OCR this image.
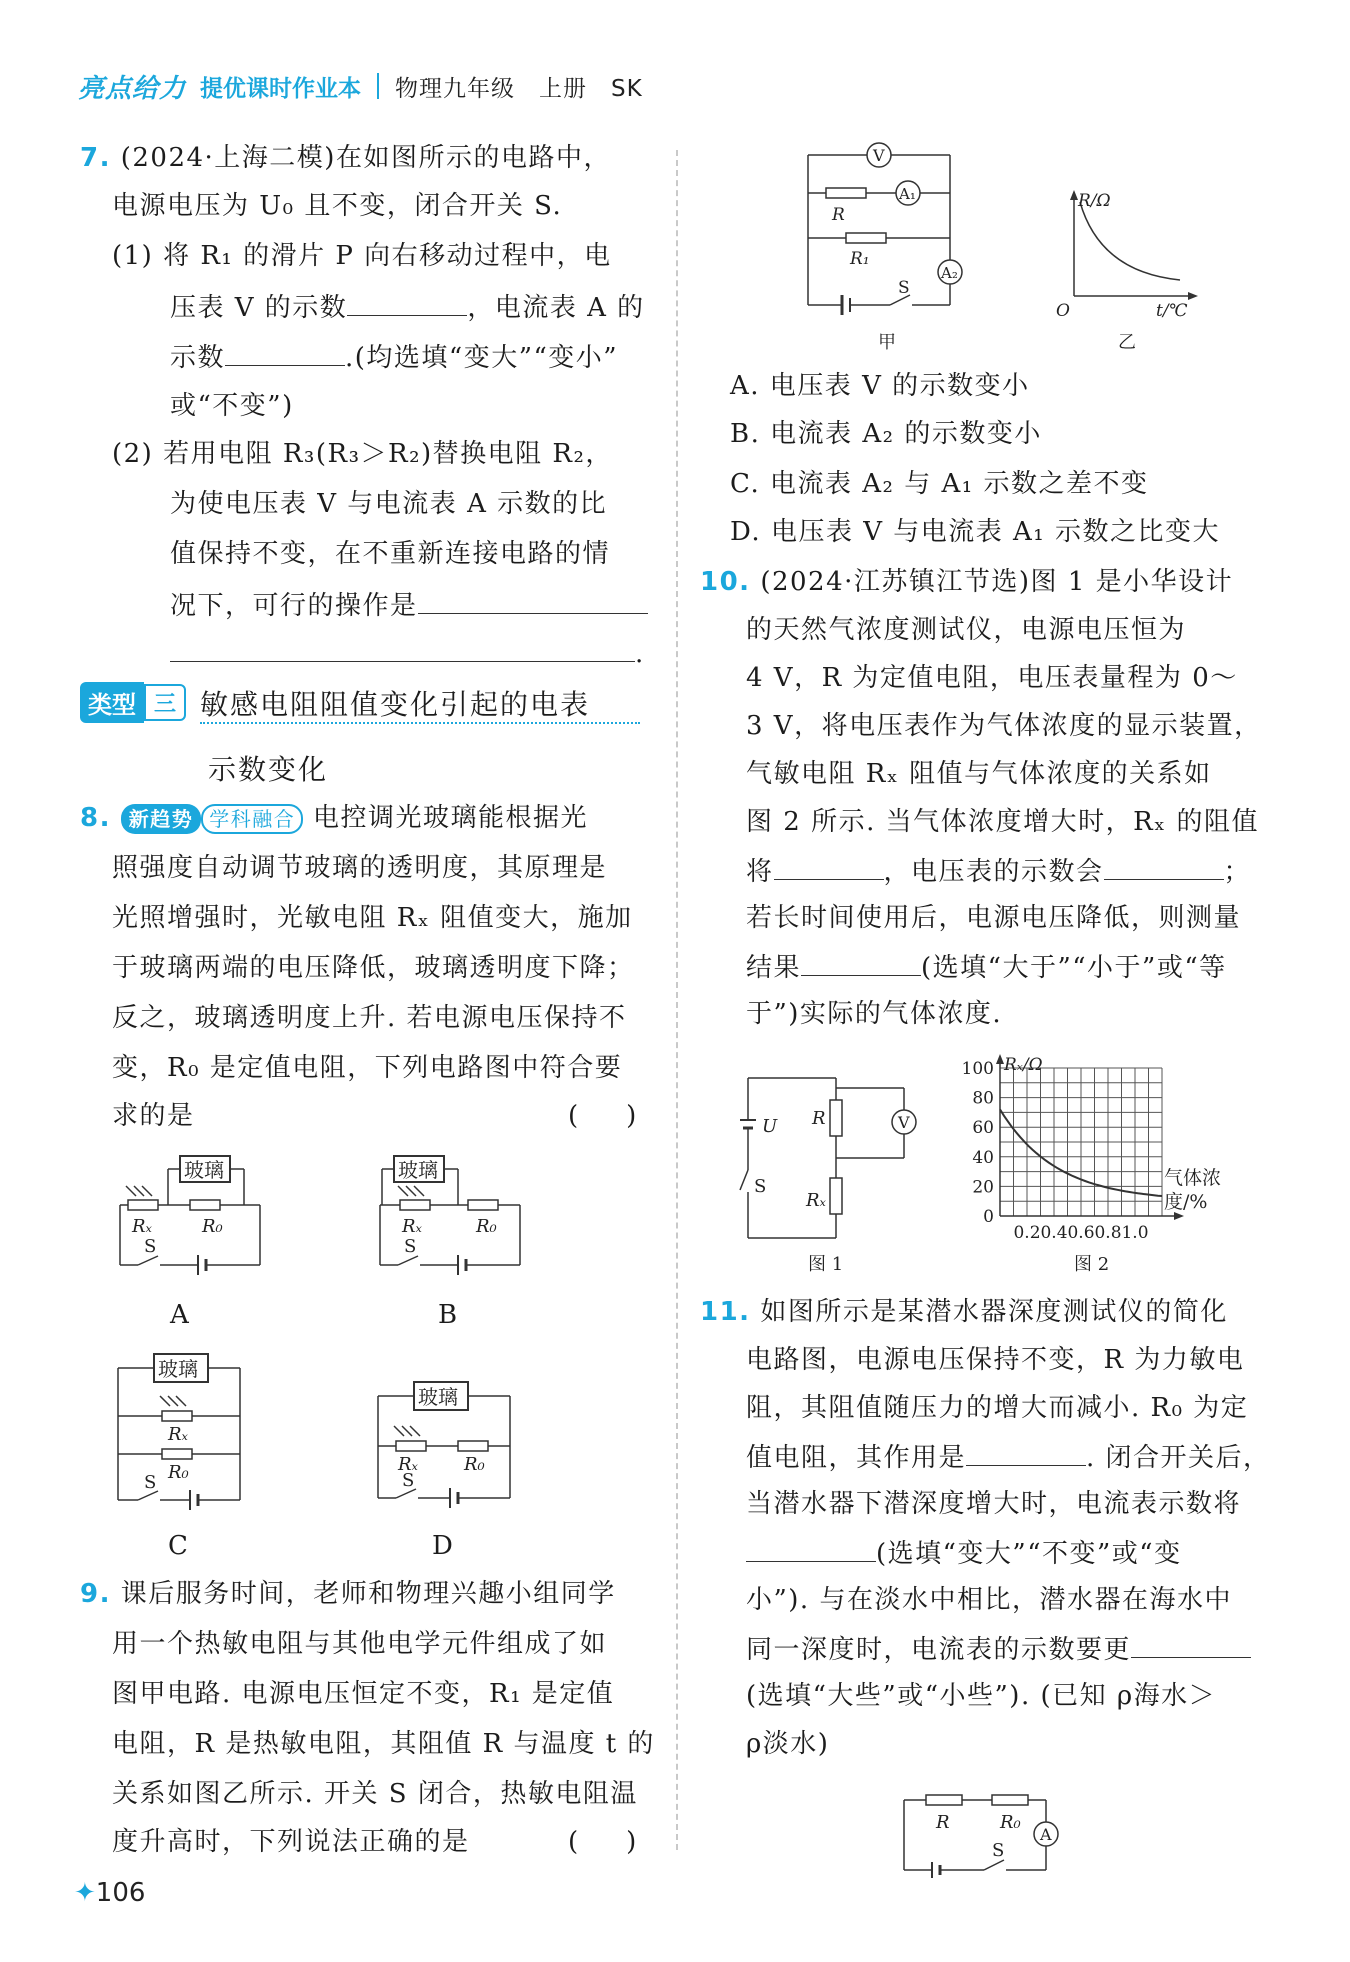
亮点给力 提优课时作业本 物理九年级　上册　SK
7. (2024·上海二模)在如图所示的电路中，
电源电压为 U₀ 且不变，闭合开关 S.
(1) 将 R₁ 的滑片 P 向右移动过程中，电
压表 V 的示数	，电流表 A 的
示数	.(均选填“变大”“变小”
或“不变”)
(2) 若用电阻 R₃(R₃＞R₂)替换电阻 R₂，
为使电压表 V 与电流表 A 示数的比
值保持不变，在不重新连接电路的情
况下，可行的操作是
.
类型 三 敏感电阻阻值变化引起的电表
示数变化
8. 新趋势 学科融合 电控调光玻璃能根据光
照强度自动调节玻璃的透明度，其原理是
光照增强时，光敏电阻 Rₓ 阻值变大，施加
于玻璃两端的电压降低，玻璃透明度下降；
反之，玻璃透明度上升. 若电源电压保持不
变，R₀ 是定值电阻，下列电路图中符合要
求的是	()
玻璃
Rₓ	R₀
S
A
玻璃
Rₓ	R₀
S
B
玻璃
Rₓ
R₀
S
C
玻璃
Rₓ	R₀
S
D
9. 课后服务时间，老师和物理兴趣小组同学
用一个热敏电阻与其他电学元件组成了如
图甲电路. 电源电压恒定不变，R₁ 是定值
电阻，R 是热敏电阻，其阻值 R 与温度 t 的
关系如图乙所示. 开关 S 闭合，热敏电阻温
度升高时，下列说法正确的是	()
V
A₁
R
R₁
A₂
S
甲
R/Ω
O	t/℃
乙
A. 电压表 V 的示数变小
B. 电流表 A₂ 的示数变小
C. 电流表 A₂ 与 A₁ 示数之差不变
D. 电压表 V 与电流表 A₁ 示数之比变大
10. (2024·江苏镇江节选)图 1 是小华设计
的天然气浓度测试仪，电源电压恒为
4 V，R 为定值电阻，电压表量程为 0～
3 V，将电压表作为气体浓度的显示装置，
气敏电阻 Rₓ 阻值与气体浓度的关系如
图 2 所示. 当气体浓度增大时，Rₓ 的阻值
将	，电压表的示数会	；
若长时间使用后，电源电压降低，则测量
结果	(选填“大于”“小于”或“等
于”)实际的气体浓度.
V
U
S
R
Rₓ
图 1
100
80
60
40
20
0
0.2 0.4 0.6 0.8 1.0
Rₓ/Ω
气体浓
度/%
图 2
11. 如图所示是某潜水器深度测试仪的简化
电路图，电源电压保持不变，R 为力敏电
阻，其阻值随压力的增大而减小. R₀ 为定
值电阻，其作用是	. 闭合开关后，
当潜水器下潜深度增大时，电流表示数将
(选填“变大”“不变”或“变
小”). 与在淡水中相比，潜水器在海水中
同一深度时，电流表的示数要更
(选填“大些”或“小些”). (已知 ρ海水＞
ρ淡水)
R	R₀
A
S
✦106
